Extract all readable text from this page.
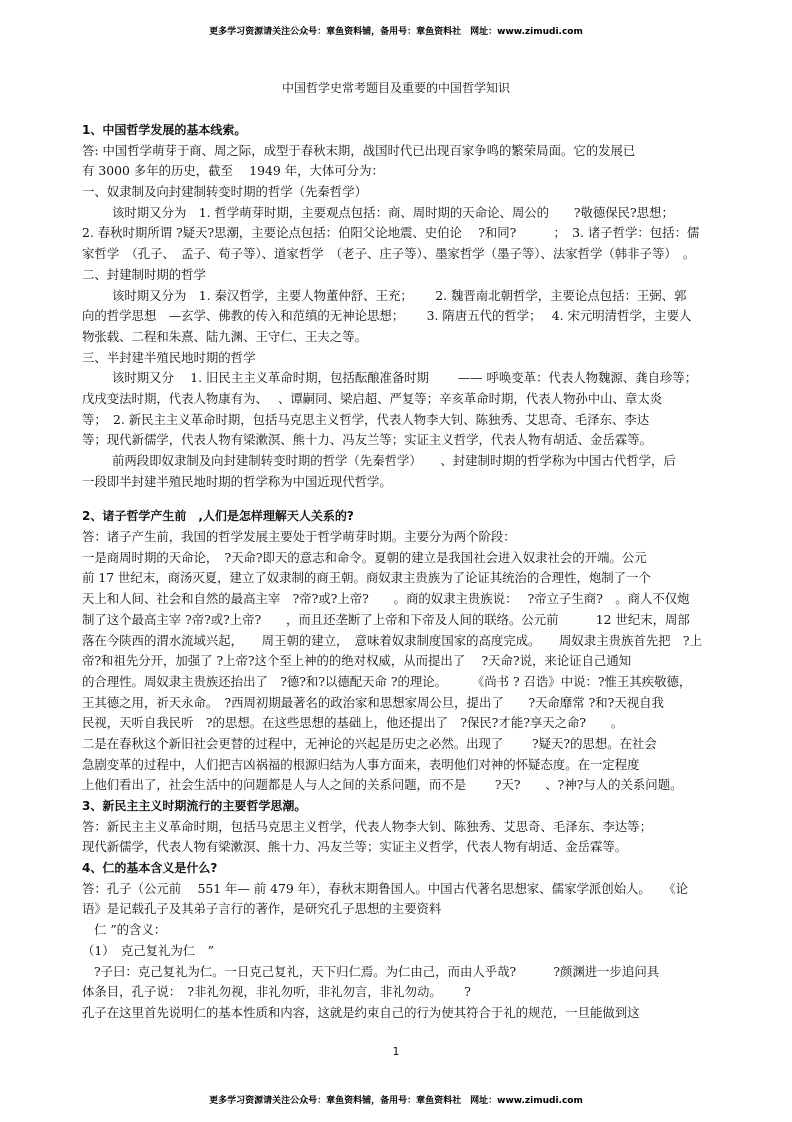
更多学习资源请关注公众号：章鱼资料铺，备用号：章鱼资料社　网址：www.zimudi.com
中国哲学史常考题目及重要的中国哲学知识
1、中国哲学发展的基本线索。
答: 中国哲学萌芽于商、周之际，成型于春秋末期，战国时代已出现百家争鸣的繁荣局面。它的发展已
有 3000 多年的历史，截至　 1949 年，大体可分为：
一、奴隶制及向封建制转变时期的哲学（先秦哲学）
该时期又分为　1. 哲学萌芽时期，主要观点包括：商、周时期的天命论、周公的　　?敬德保民?思想；
2. 春秋时期所谓 ?疑天?思潮，主要论点包括：伯阳父论地震、史伯论　 ?和同?　　　；　3. 诸子哲学：包括：儒
家哲学　（孔子、　孟子、荀子等）、道家哲学　（老子、庄子等）、墨家哲学（墨子等）、法家哲学（韩非子等）　。
二、封建制时期的哲学
该时期又分为　1. 秦汉哲学，主要人物董仲舒、王充；　　 2. 魏晋南北朝哲学，主要论点包括：王弼、郭
向的哲学思想　—玄学、佛教的传入和范缜的无神论思想；　　 3. 隋唐五代的哲学；　 4. 宋元明清哲学，主要人
物张载、二程和朱熹、陆九渊、王守仁、王夫之等。
三、半封建半殖民地时期的哲学
该时期又分　 1. 旧民主主义革命时期，包括酝酿准备时期　　 —— 呼唤变革：代表人物魏源、龚自珍等；
戊戌变法时期，代表人物康有为、　 、谭嗣同、梁启超、严复等；辛亥革命时期，代表人物孙中山、章太炎
等；　2. 新民主主义革命时期，包括马克思主义哲学，代表人物李大钊、陈独秀、艾思奇、毛泽东、李达
等；现代新儒学，代表人物有梁漱溟、熊十力、冯友兰等；实证主义哲学，代表人物有胡适、金岳霖等。
前两段即奴隶制及向封建制转变时期的哲学（先秦哲学）　　、封建制时期的哲学称为中国古代哲学，后
一段即半封建半殖民地时期的哲学称为中国近现代哲学。
2、诸子哲学产生前　,人们是怎样理解天人关系的?
答：诸子产生前，我国的哲学发展主要处于哲学萌芽时期。主要分为两个阶段：
一是商周时期的天命论，　?天命?即天的意志和命令。夏朝的建立是我国社会进入奴隶社会的开端。公元
前 17 世纪末，商汤灭夏，建立了奴隶制的商王朝。商奴隶主贵族为了论证其统治的合理性，炮制了一个
天上和人间、社会和自然的最高主宰　?帝?或?上帝?　　。商的奴隶主贵族说：　 ?帝立子生商?　。商人不仅炮
制了这个最高主宰 ?帝?或?上帝?　　，而且还垄断了上帝和下帝及人间的联络。公元前　　　12 世纪末，周部
落在今陕西的渭水流域兴起，　　周王朝的建立，　意味着奴隶制度国家的高度完成。　　周奴隶主贵族首先把　?上
帝?和祖先分开，加强了 ?上帝?这个至上神的的绝对权威，从而提出了　 ?天命?说，来论证自己通知
的合理性。周奴隶主贵族还抬出了　?德?和?以德配天命 ?的理论。　　　《尚书 ? 召诰》中说：?惟王其疾敬德，
王其德之用，祈天永命。　?西周初期最著名的政治家和思想家周公旦，提出了　　?天命靡常 ?和?天视自我
民视，天听自我民听　?的思想。在这些思想的基础上，他还提出了　?保民?才能?享天之命?　　。
二是在春秋这个新旧社会更替的过程中，无神论的兴起是历史之必然。出现了　　 ?疑天?的思想。在社会
急剧变革的过程中，人们把吉凶祸福的根源归结为人事方面来，表明他们对神的怀疑态度。在一定程度
上他们看出了，社会生活中的问题都是人与人之间的关系问题，而不是　　 ?天?　　、?神?与人的关系问题。
3、新民主主义时期流行的主要哲学思潮。
答：新民主主义革命时期，包括马克思主义哲学，代表人物李大钊、陈独秀、艾思奇、毛泽东、李达等；
现代新儒学，代表人物有梁漱溟、熊十力、冯友兰等；实证主义哲学，代表人物有胡适、金岳霖等。
4、仁的基本含义是什么?
答：孔子（公元前　 551 年— 前 479 年），春秋末期鲁国人。中国古代著名思想家、儒家学派创始人。　　《论
语》是记载孔子及其弟子言行的著作，是研究孔子思想的主要资料
仁 ”的含义：
（1）　克己复礼为仁　”
?子曰：克己复礼为仁。一日克己复礼，天下归仁焉。为仁由己，而由人乎哉?　　　?颜渊进一步追问具
体条目，孔子说：　?非礼勿视，非礼勿听，非礼勿言，非礼勿动。　　 ?
孔子在这里首先说明仁的基本性质和内容，这就是约束自己的行为使其符合于礼的规范，一旦能做到这
1
更多学习资源请关注公众号：章鱼资料铺，备用号：章鱼资料社　网址：www.zimudi.com
